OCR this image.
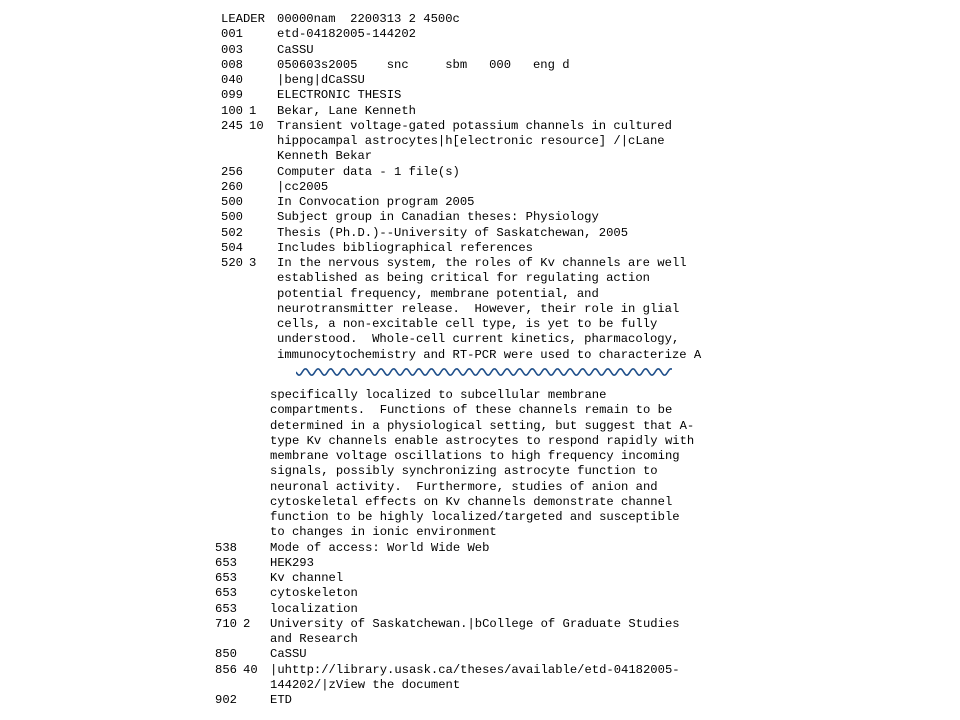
LEADER 00000nam  2200313 2 4500c
001	etd-04182005-144202
003	CaSSU
008	050603s2005    snc     sbm   000   eng d
040	|beng|dCaSSU
099	ELECTRONIC THESIS
100 1 Bekar, Lane Kenneth
245 10 Transient voltage-gated potassium channels in cultured
hippocampal astrocytes|h[electronic resource] /|cLane
Kenneth Bekar
256	Computer data - 1 file(s)
260	|cc2005
500	In Convocation program 2005
500	Subject group in Canadian theses: Physiology
502	Thesis (Ph.D.)--University of Saskatchewan, 2005
504	Includes bibliographical references
520 3 In the nervous system, the roles of Kv channels are well
established as being critical for regulating action
potential frequency, membrane potential, and
neurotransmitter release.  However, their role in glial
cells, a non-excitable cell type, is yet to be fully
understood.  Whole-cell current kinetics, pharmacology,
immunocytochemistry and RT-PCR were used to characterize A
specifically localized to subcellular membrane
compartments.  Functions of these channels remain to be
determined in a physiological setting, but suggest that A-
type Kv channels enable astrocytes to respond rapidly with
membrane voltage oscillations to high frequency incoming
signals, possibly synchronizing astrocyte function to
neuronal activity.  Furthermore, studies of anion and
cytoskeletal effects on Kv channels demonstrate channel
function to be highly localized/targeted and susceptible
to changes in ionic environment
538	Mode of access: World Wide Web
653	HEK293
653	Kv channel
653	cytoskeleton
653	localization
710 2 University of Saskatchewan.|bCollege of Graduate Studies
and Research
850	CaSSU
856 40 |uhttp://library.usask.ca/theses/available/etd-04182005-
144202/|zView the document
902	ETD
